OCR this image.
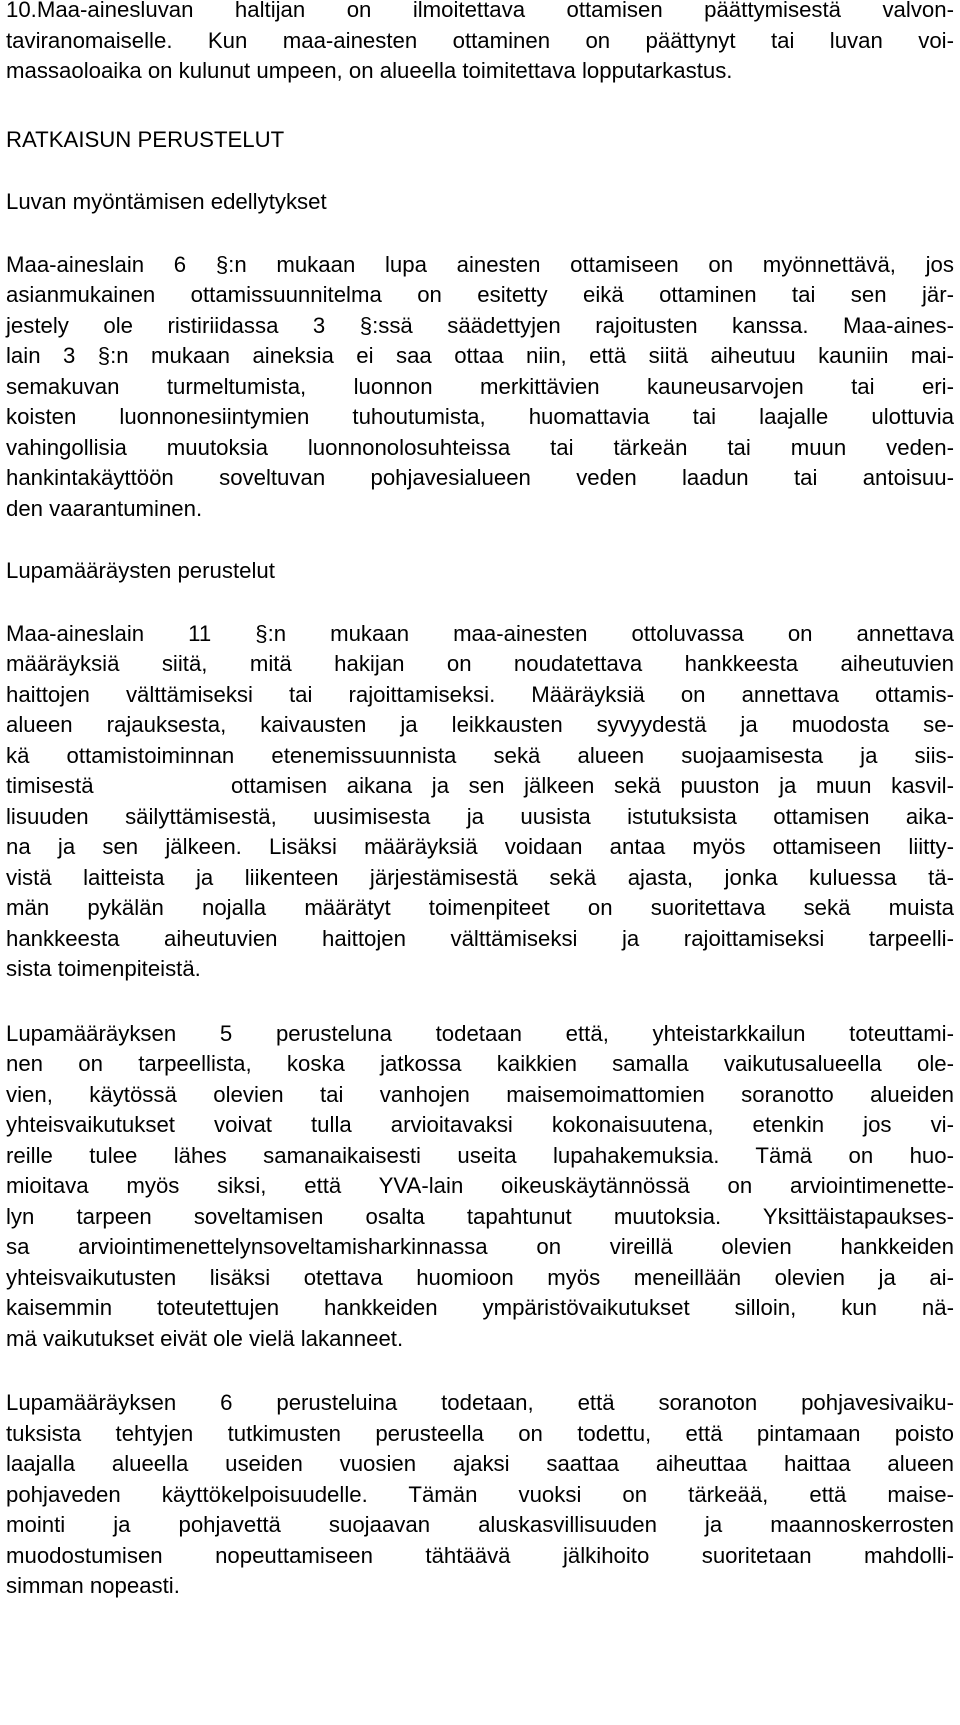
10.Maa-ainesluvan haltijan on ilmoitettava ottamisen päättymisestä valvon-
taviranomaiselle. Kun maa-ainesten ottaminen on päättynyt tai luvan voi-
massaoloaika on kulunut umpeen, on alueella toimitettava lopputarkastus.
RATKAISUN PERUSTELUT
Luvan myöntämisen edellytykset
Maa-aineslain 6 §:n mukaan lupa ainesten ottamiseen on myönnettävä, jos
asianmukainen ottamissuunnitelma on esitetty eikä ottaminen tai sen jär-
jestely ole ristiriidassa 3 §:ssä säädettyjen rajoitusten kanssa. Maa-aines-
lain 3 §:n mukaan aineksia ei saa ottaa niin, että siitä aiheutuu kauniin mai-
semakuvan turmeltumista, luonnon merkittävien kauneusarvojen tai eri-
koisten luonnonesiintymien tuhoutumista, huomattavia tai laajalle ulottuvia
vahingollisia muutoksia luonnonolosuhteissa tai tärkeän tai muun veden-
hankintakäyttöön soveltuvan pohjavesialueen veden laadun tai antoisuu-
den vaarantuminen.
Lupamääräysten perustelut
Maa-aineslain 11 §:n mukaan maa-ainesten ottoluvassa on annettava
määräyksiä siitä, mitä hakijan on noudatettava hankkeesta aiheutuvien
haittojen välttämiseksi tai rajoittamiseksi. Määräyksiä on annettava ottamis-
alueen rajauksesta, kaivausten ja leikkausten syvyydestä ja muodosta se-
kä ottamistoiminnan etenemissuunnista sekä alueen suojaamisesta ja siis-
timisestä       ottamisen aikana ja sen jälkeen sekä puuston ja muun kasvil-
lisuuden säilyttämisestä, uusimisesta ja uusista istutuksista ottamisen aika-
na ja sen jälkeen. Lisäksi määräyksiä voidaan antaa myös ottamiseen liitty-
vistä laitteista ja liikenteen järjestämisestä sekä ajasta, jonka kuluessa tä-
män pykälän nojalla määrätyt toimenpiteet on suoritettava sekä muista
hankkeesta aiheutuvien haittojen välttämiseksi ja rajoittamiseksi tarpeelli-
sista toimenpiteistä.
Lupamääräyksen 5 perusteluna todetaan että, yhteistarkkailun toteuttami-
nen on tarpeellista, koska jatkossa kaikkien samalla vaikutusalueella ole-
vien, käytössä olevien tai vanhojen maisemoimattomien soranotto alueiden
yhteisvaikutukset voivat tulla arvioitavaksi kokonaisuutena, etenkin jos vi-
reille tulee lähes samanaikaisesti useita lupahakemuksia. Tämä on huo-
mioitava myös siksi, että YVA-lain oikeuskäytännössä on arviointimenette-
lyn tarpeen soveltamisen osalta tapahtunut muutoksia. Yksittäistapaukses-
sa arviointimenettelynsoveltamisharkinnassa on vireillä olevien hankkeiden
yhteisvaikutusten lisäksi otettava huomioon myös meneillään olevien ja ai-
kaisemmin toteutettujen hankkeiden ympäristövaikutukset silloin, kun nä-
mä vaikutukset eivät ole vielä lakanneet.
Lupamääräyksen 6 perusteluina todetaan, että soranoton pohjavesivaiku-
tuksista tehtyjen tutkimusten perusteella on todettu, että pintamaan poisto
laajalla alueella useiden vuosien ajaksi saattaa aiheuttaa haittaa alueen
pohjaveden käyttökelpoisuudelle. Tämän vuoksi on tärkeää, että maise-
mointi ja pohjavettä suojaavan aluskasvillisuuden ja maannoskerrosten
muodostumisen nopeuttamiseen tähtäävä jälkihoito suoritetaan mahdolli-
simman nopeasti.
